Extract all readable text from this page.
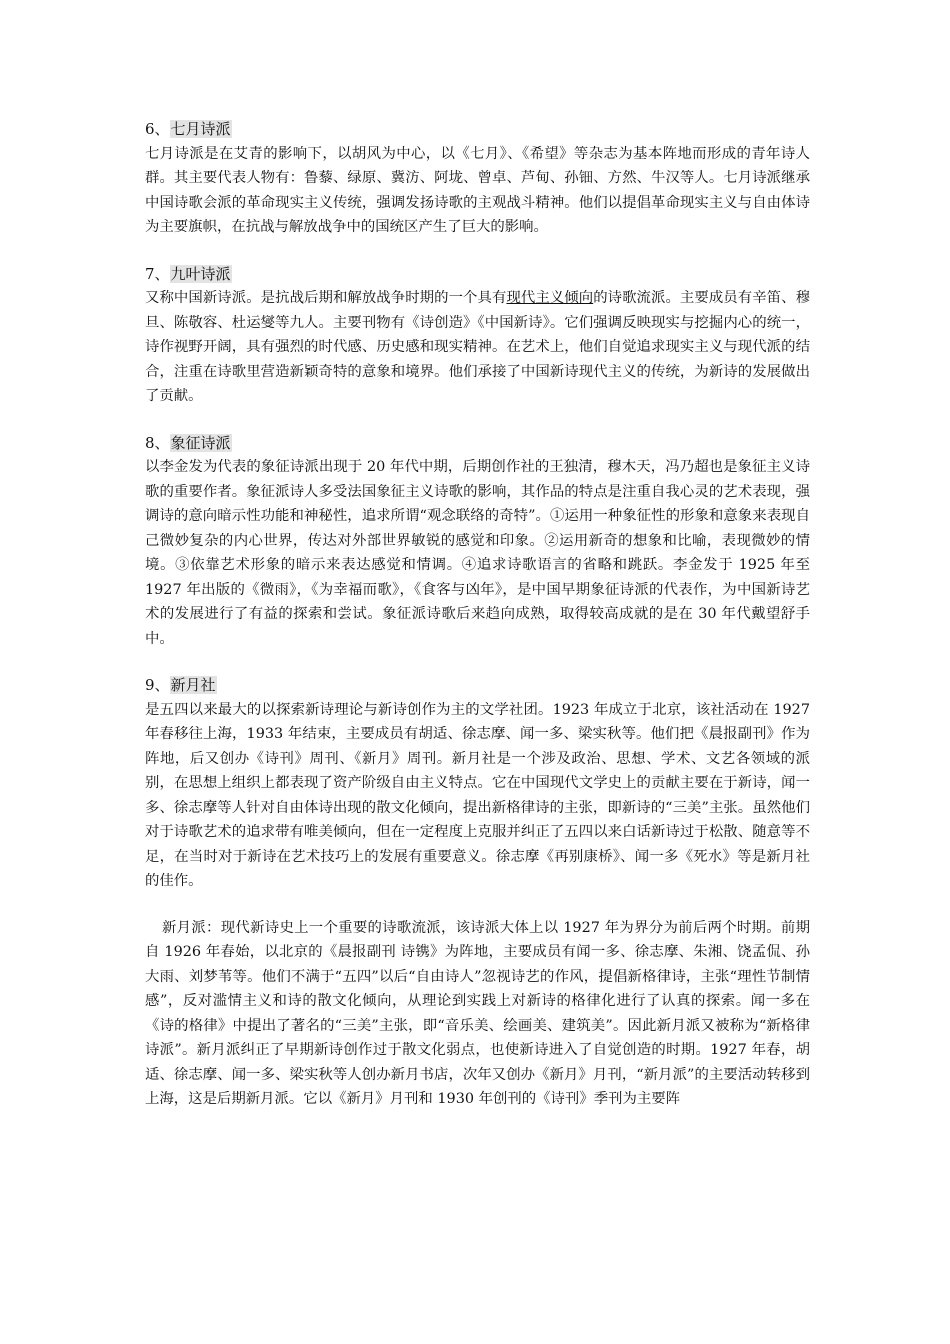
6、七月诗派

七月诗派是在艾青的影响下，以胡风为中心，以《七月》、《希望》等杂志为基本阵地而形成的青年诗人群。其主要代表人物有：鲁藜、绿原、冀汸、阿垅、曾卓、芦甸、孙钿、方然、牛汉等人。七月诗派继承中国诗歌会派的革命现实主义传统，强调发扬诗歌的主观战斗精神。他们以提倡革命现实主义与自由体诗为主要旗帜，在抗战与解放战争中的国统区产生了巨大的影响。

7、九叶诗派

又称中国新诗派。是抗战后期和解放战争时期的一个具有现代主义倾向的诗歌流派。主要成员有辛笛、穆旦、陈敬容、杜运燮等九人。主要刊物有《诗创造》《中国新诗》。它们强调反映现实与挖掘内心的统一，诗作视野开阔，具有强烈的时代感、历史感和现实精神。在艺术上，他们自觉追求现实主义与现代派的结合，注重在诗歌里营造新颖奇特的意象和境界。他们承接了中国新诗现代主义的传统，为新诗的发展做出了贡献。

8、象征诗派

以李金发为代表的象征诗派出现于 20 年代中期，后期创作社的王独清，穆木天，冯乃超也是象征主义诗歌的重要作者。象征派诗人多受法国象征主义诗歌的影响，其作品的特点是注重自我心灵的艺术表现，强调诗的意向暗示性功能和神秘性，追求所谓“观念联络的奇特”。①运用一种象征性的形象和意象来表现自己微妙复杂的内心世界，传达对外部世界敏锐的感觉和印象。②运用新奇的想象和比喻，表现微妙的情境。③依靠艺术形象的暗示来表达感觉和情调。④追求诗歌语言的省略和跳跃。李金发于 1925 年至 1927 年出版的《微雨》，《为幸福而歌》，《食客与凶年》，是中国早期象征诗派的代表作，为中国新诗艺术的发展进行了有益的探索和尝试。象征派诗歌后来趋向成熟，取得较高成就的是在 30 年代戴望舒手中。

9、新月社

是五四以来最大的以探索新诗理论与新诗创作为主的文学社团。1923 年成立于北京，该社活动在 1927 年春移往上海，1933 年结束，主要成员有胡适、徐志摩、闻一多、梁实秋等。他们把《晨报副刊》作为阵地，后又创办《诗刊》周刊、《新月》周刊。新月社是一个涉及政治、思想、学术、文艺各领域的派别，在思想上组织上都表现了资产阶级自由主义特点。它在中国现代文学史上的贡献主要在于新诗，闻一多、徐志摩等人针对自由体诗出现的散文化倾向，提出新格律诗的主张，即新诗的“三美”主张。虽然他们对于诗歌艺术的追求带有唯美倾向，但在一定程度上克服并纠正了五四以来白话新诗过于松散、随意等不足，在当时对于新诗在艺术技巧上的发展有重要意义。徐志摩《再别康桥》、闻一多《死水》等是新月社的佳作。

新月派：现代新诗史上一个重要的诗歌流派，该诗派大体上以 1927 年为界分为前后两个时期。前期自 1926 年春始，以北京的《晨报副刊 诗镌》为阵地，主要成员有闻一多、徐志摩、朱湘、饶孟侃、孙大雨、刘梦苇等。他们不满于“五四”以后“自由诗人”忽视诗艺的作风，提倡新格律诗，主张“理性节制情感”，反对滥情主义和诗的散文化倾向，从理论到实践上对新诗的格律化进行了认真的探索。闻一多在《诗的格律》中提出了著名的“三美”主张，即“音乐美、绘画美、建筑美”。因此新月派又被称为“新格律诗派”。新月派纠正了早期新诗创作过于散文化弱点，也使新诗进入了自觉创造的时期。1927 年春，胡适、徐志摩、闻一多、梁实秋等人创办新月书店，次年又创办《新月》月刊，“新月派”的主要活动转移到上海，这是后期新月派。它以《新月》月刊和 1930 年创刊的《诗刊》季刊为主要阵
